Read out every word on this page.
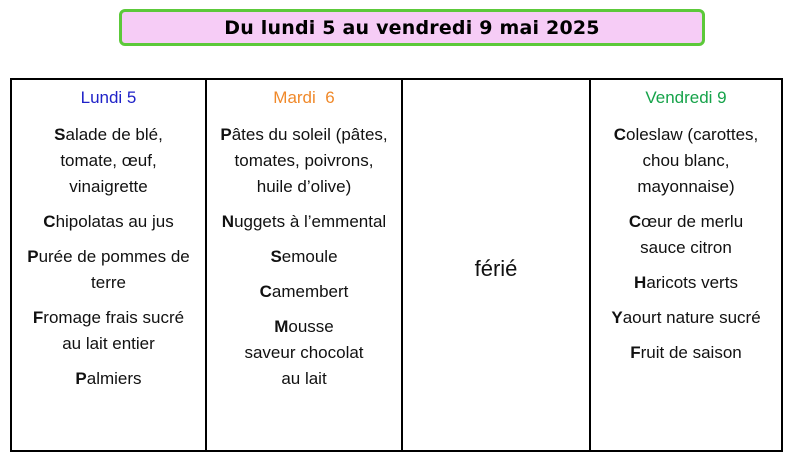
Du lundi 5 au vendredi 9 mai 2025
Lundi 5
Salade de blé,
tomate, œuf,
vinaigrette
Chipolatas au jus
Purée de pommes de
terre
Fromage frais sucré
au lait entier
Palmiers
Mardi  6
Pâtes du soleil (pâtes,
tomates, poivrons,
huile d’olive)
Nuggets à l’emmental
Semoule
Camembert
Mousse
saveur chocolat
au lait
férié
Vendredi 9
Coleslaw (carottes,
chou blanc,
mayonnaise)
Cœur de merlu
sauce citron
Haricots verts
Yaourt nature sucré
Fruit de saison
